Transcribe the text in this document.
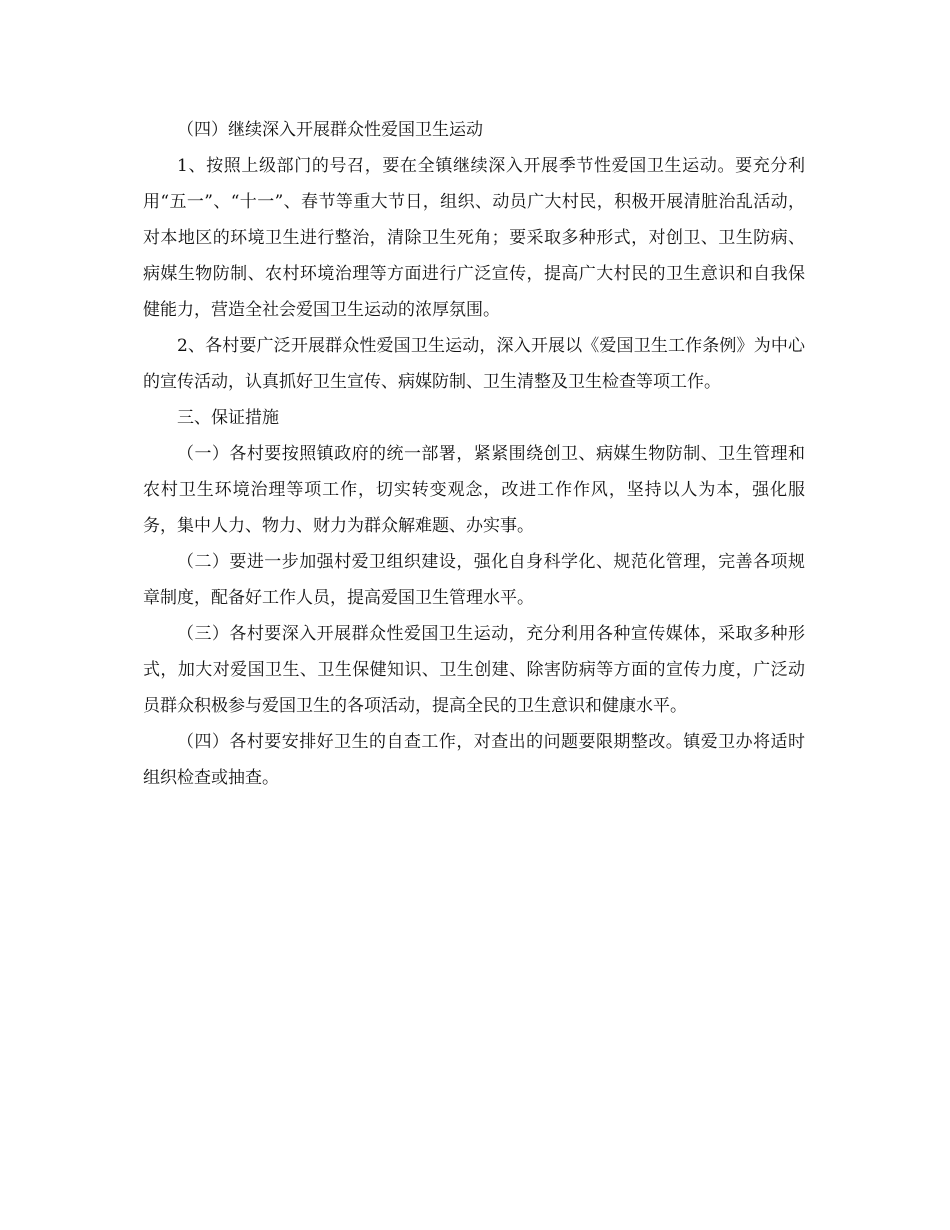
（四）继续深入开展群众性爱国卫生运动

1、按照上级部门的号召，要在全镇继续深入开展季节性爱国卫生运动。要充分利用“五一”、“十一”、春节等重大节日，组织、动员广大村民，积极开展清脏治乱活动，对本地区的环境卫生进行整治，清除卫生死角；要采取多种形式，对创卫、卫生防病、病媒生物防制、农村环境治理等方面进行广泛宣传，提高广大村民的卫生意识和自我保健能力，营造全社会爱国卫生运动的浓厚氛围。

2、各村要广泛开展群众性爱国卫生运动，深入开展以《爱国卫生工作条例》为中心的宣传活动，认真抓好卫生宣传、病媒防制、卫生清整及卫生检查等项工作。

三、保证措施

（一）各村要按照镇政府的统一部署，紧紧围绕创卫、病媒生物防制、卫生管理和农村卫生环境治理等项工作，切实转变观念，改进工作作风，坚持以人为本，强化服务，集中人力、物力、财力为群众解难题、办实事。

（二）要进一步加强村爱卫组织建设，强化自身科学化、规范化管理，完善各项规章制度，配备好工作人员，提高爱国卫生管理水平。

（三）各村要深入开展群众性爱国卫生运动，充分利用各种宣传媒体，采取多种形式，加大对爱国卫生、卫生保健知识、卫生创建、除害防病等方面的宣传力度，广泛动员群众积极参与爱国卫生的各项活动，提高全民的卫生意识和健康水平。

（四）各村要安排好卫生的自查工作，对查出的问题要限期整改。镇爱卫办将适时组织检查或抽查。
